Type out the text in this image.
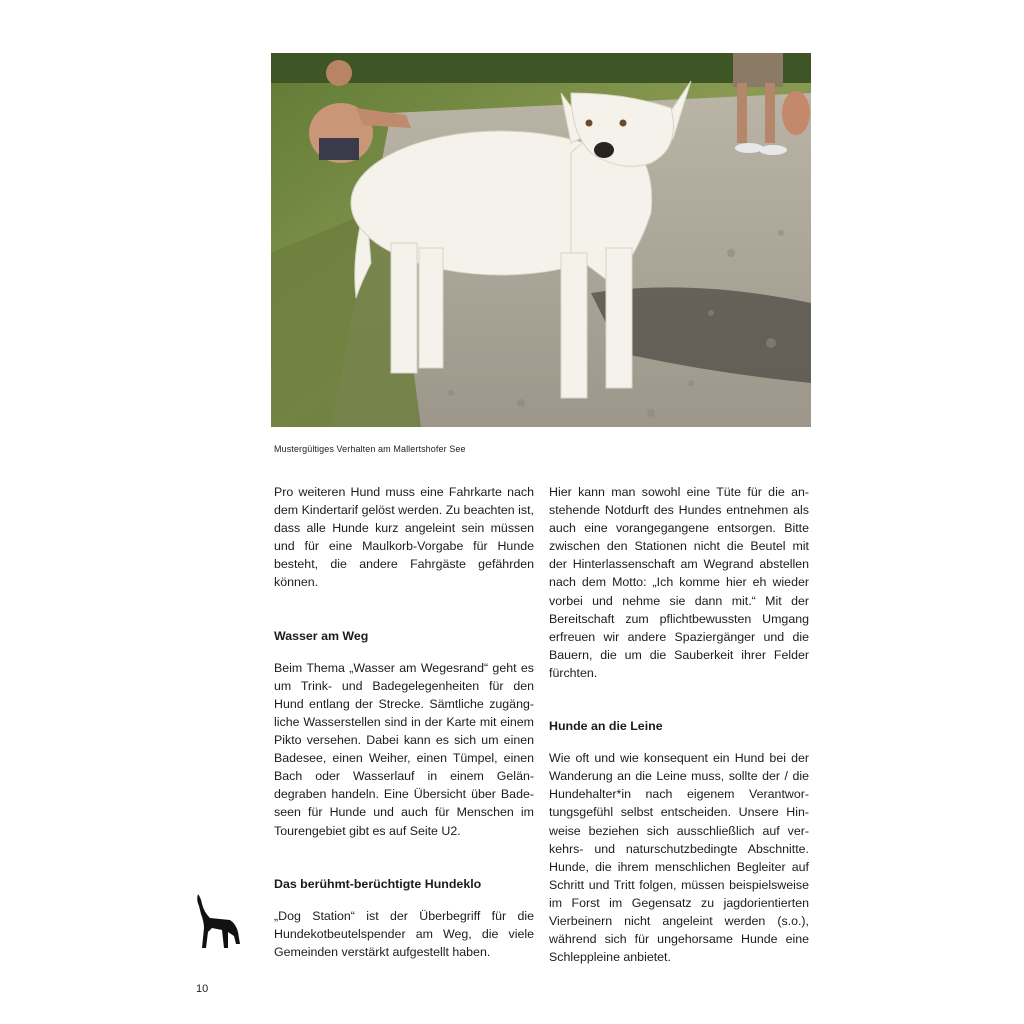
Mustergültiges Verhalten am Mallertshofer See

Pro weiteren Hund muss eine Fahrkarte nach dem Kindertarif gelöst werden. Zu beachten ist, dass alle Hunde kurz angeleint sein müssen und für eine Maulkorb-Vorgabe für Hunde besteht, die andere Fahrgäste gefährden können.

Wasser am Weg

Beim Thema „Wasser am Wegesrand“ geht es um Trink- und Badegelegenheiten für den Hund entlang der Strecke. Sämtliche zugängliche Wasserstellen sind in der Karte mit einem Pikto versehen. Dabei kann es sich um einen Badesee, einen Weiher, einen Tümpel, einen Bach oder Wasserlauf in einem Geländegraben handeln. Eine Übersicht über Badeseen für Hunde und auch für Menschen im Tourengebiet gibt es auf Seite U2.

Das berühmt-berüchtigte Hundeklo

„Dog Station“ ist der Überbegriff für die Hundekotbeutelspender am Weg, die viele Gemeinden verstärkt aufgestellt haben.

Hier kann man sowohl eine Tüte für die anstehende Notdurft des Hundes entnehmen als auch eine vorangegangene entsorgen. Bitte zwischen den Stationen nicht die Beutel mit der Hinterlassenschaft am Wegrand abstellen nach dem Motto: „Ich komme hier eh wieder vorbei und nehme sie dann mit.“ Mit der Bereitschaft zum pflichtbewussten Umgang erfreuen wir andere Spaziergänger und die Bauern, die um die Sauberkeit ihrer Felder fürchten.

Hunde an die Leine

Wie oft und wie konsequent ein Hund bei der Wanderung an die Leine muss, sollte der / die Hundehalter*in nach eigenem Verantwortungsgefühl selbst entscheiden. Unsere Hinweise beziehen sich ausschließlich auf verkehrs- und naturschutzbedingte Abschnitte. Hunde, die ihrem menschlichen Begleiter auf Schritt und Tritt folgen, müssen beispielsweise im Forst im Gegensatz zu jagdorientierten Vierbeinern nicht angeleint werden (s.o.), während sich für ungehorsame Hunde eine Schleppleine anbietet.

10
